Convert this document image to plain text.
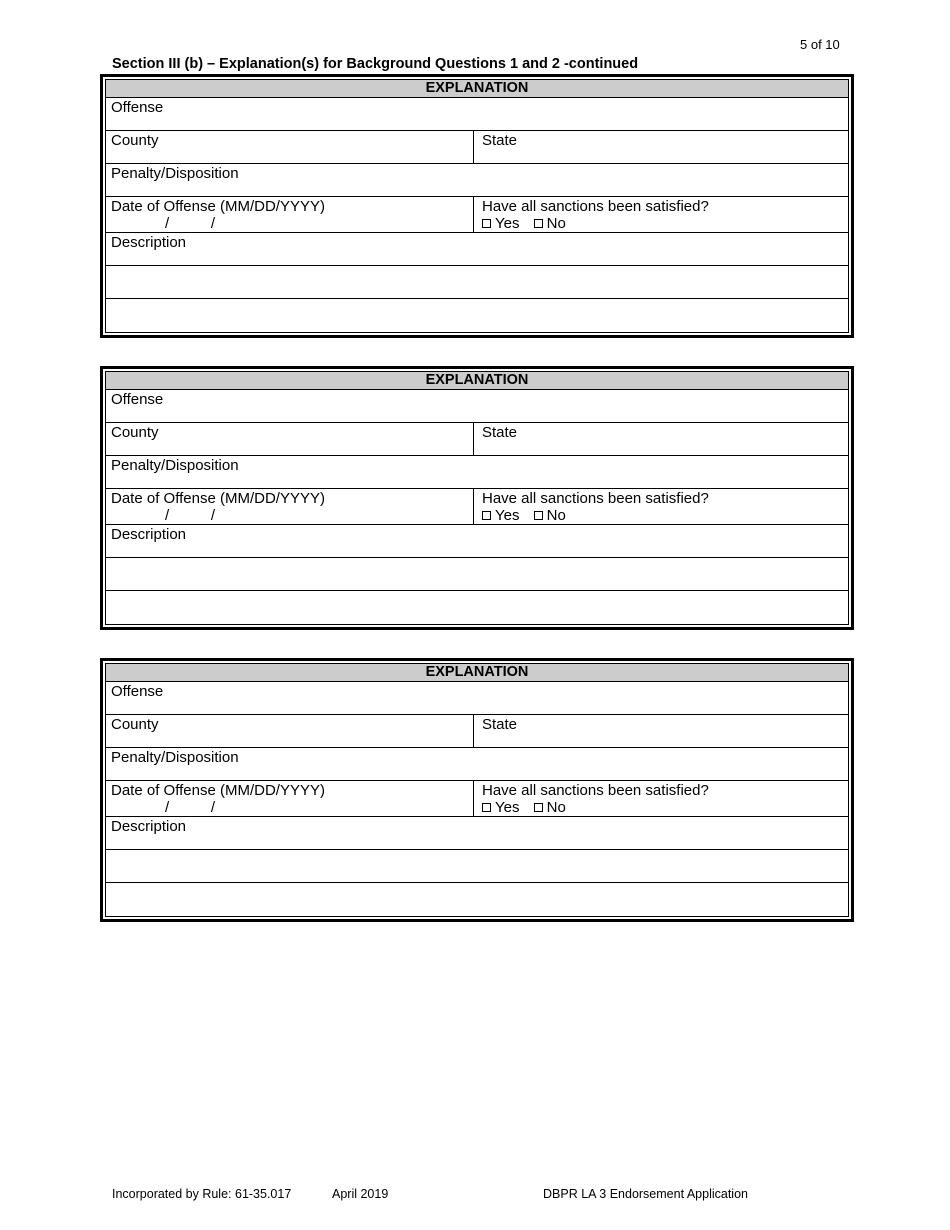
5 of 10
Section III (b) – Explanation(s) for Background Questions 1 and 2 -continued
EXPLANATION
Offense
County	State
Penalty/Disposition
Date of Offense (MM/DD/YYYY)
/          /
Have all sanctions been satisfied?
Yes No
Description
EXPLANATION
Offense
County	State
Penalty/Disposition
Date of Offense (MM/DD/YYYY)
/          /
Have all sanctions been satisfied?
Yes No
Description
EXPLANATION
Offense
County	State
Penalty/Disposition
Date of Offense (MM/DD/YYYY)
/          /
Have all sanctions been satisfied?
Yes No
Description
Incorporated by Rule: 61-35.017	April 2019	DBPR LA 3 Endorsement Application
